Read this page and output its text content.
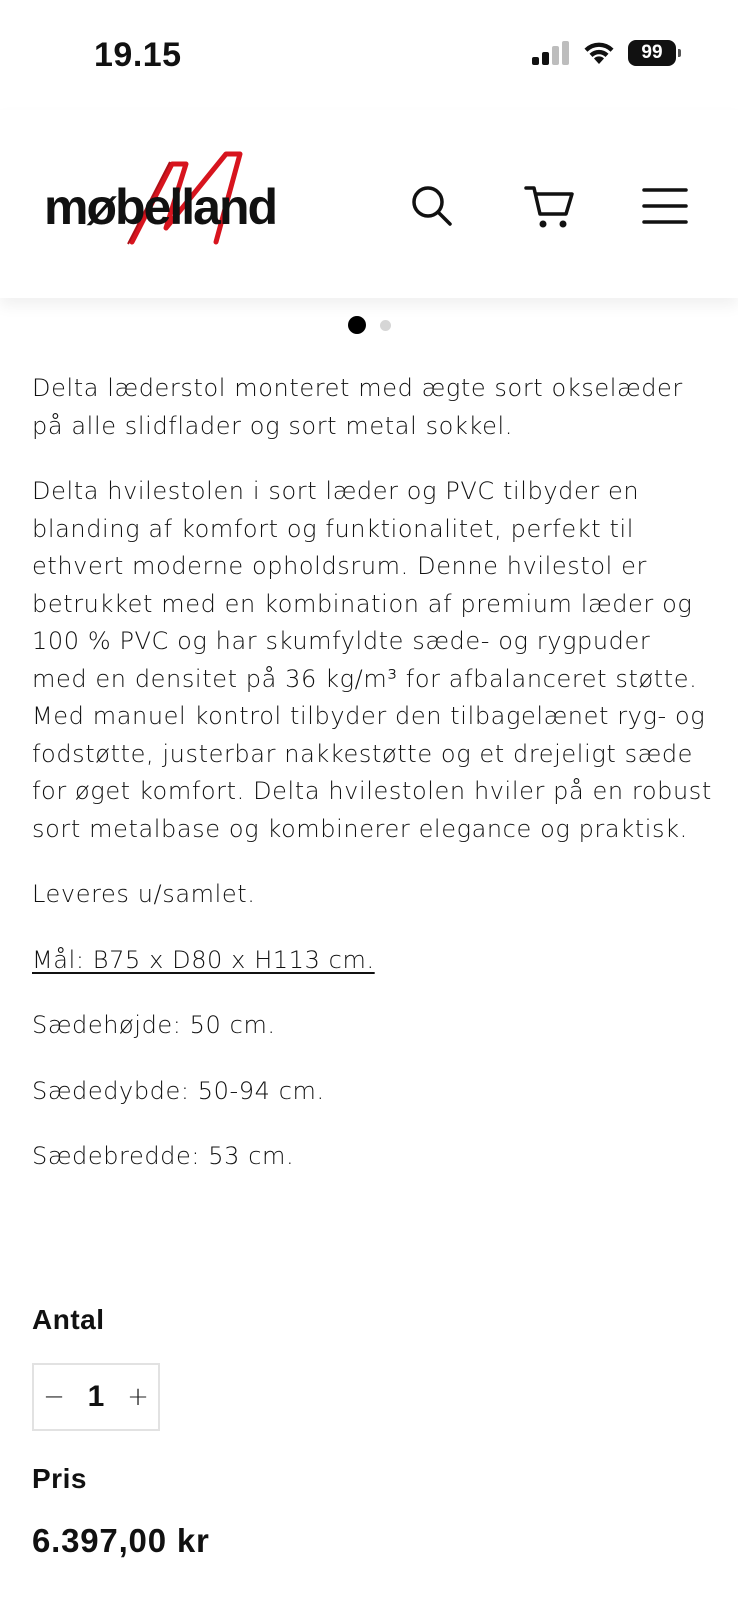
19.15	99
møbelland

Delta læderstol monteret med ægte sort okselæder på alle slidflader og sort metal sokkel.

Delta hvilestolen i sort læder og PVC tilbyder en blanding af komfort og funktionalitet, perfekt til ethvert moderne opholdsrum. Denne hvilestol er betrukket med en kombination af premium læder og 100 % PVC og har skumfyldte sæde- og rygpuder med en densitet på 36 kg/m³ for afbalanceret støtte. Med manuel kontrol tilbyder den tilbagelænet ryg- og fodstøtte, justerbar nakkestøtte og et drejeligt sæde for øget komfort. Delta hvilestolen hviler på en robust sort metalbase og kombinerer elegance og praktisk.

Leveres u/samlet.

Mål: B75 x D80 x H113 cm.

Sædehøjde: 50 cm.

Sædedybde: 50-94 cm.

Sædebredde: 53 cm.

Antal
− 1 +
Pris
6.397,00 kr
